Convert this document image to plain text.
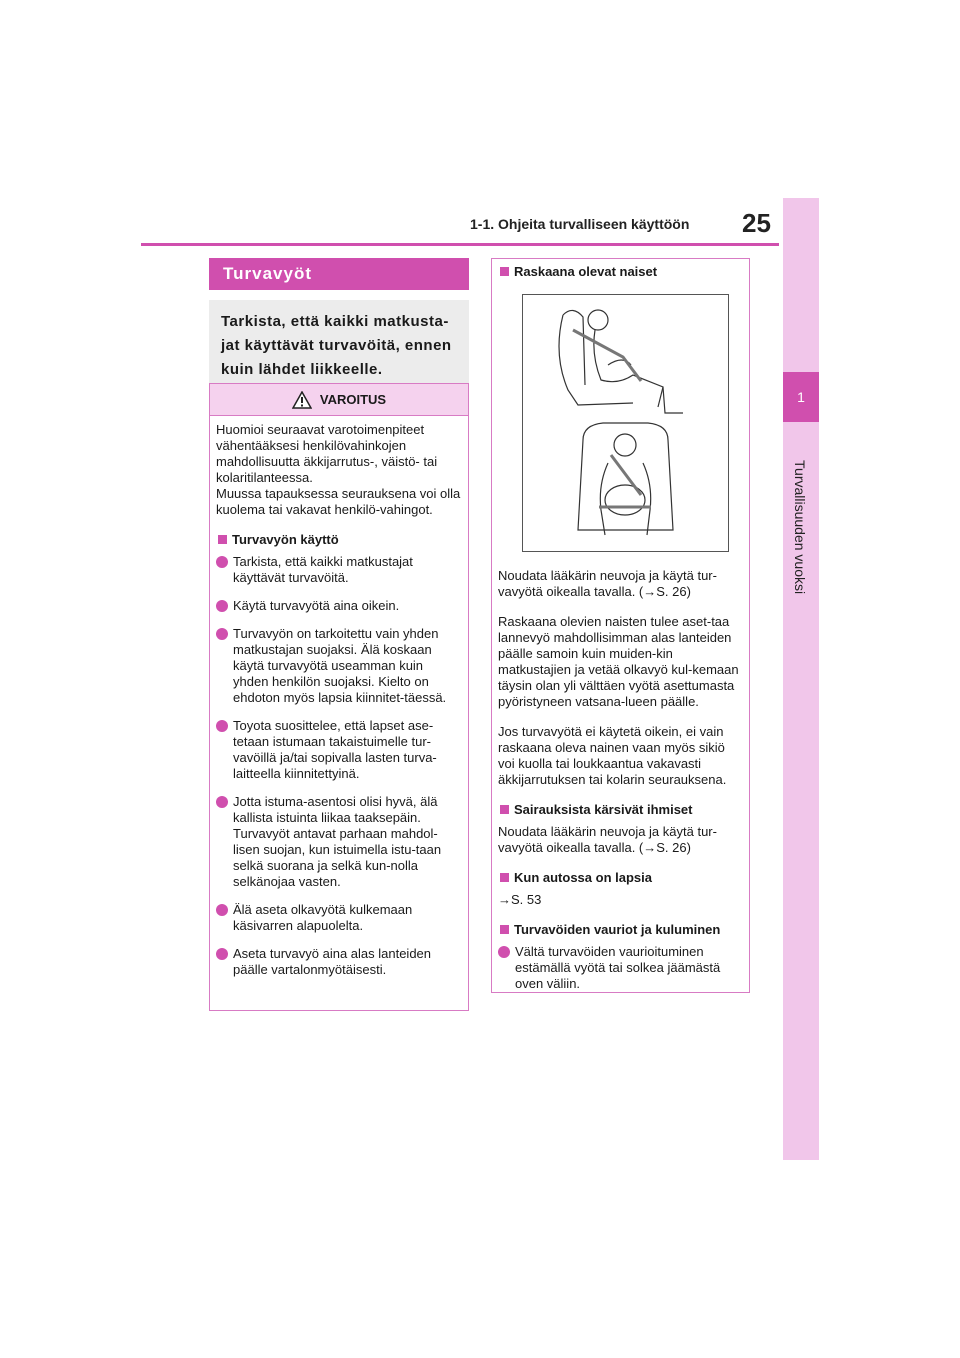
1
Turvallisuuden vuoksi
1-1. Ohjeita turvalliseen käyttöön 25
Turvavyöt
Tarkista, että kaikki matkusta-jat käyttävät turvavöitä, ennen kuin lähdet liikkeelle.
VAROITUS
Huomioi seuraavat varotoimenpiteet vähentääksesi henkilövahinkojen mahdollisuutta äkkijarrutus-, väistö- tai kolaritilanteessa.
Muussa tapauksessa seurauksena voi olla kuolema tai vakavat henkilö-vahingot.
Turvavyön käyttö
Tarkista, että kaikki matkustajat käyttävät turvavöitä.
Käytä turvavyötä aina oikein.
Turvavyön on tarkoitettu vain yhden matkustajan suojaksi. Älä koskaan käytä turvavyötä useamman kuin yhden henkilön suojaksi. Kielto on ehdoton myös lapsia kiinnitet-täessä.
Toyota suosittelee, että lapset ase-tetaan istumaan takaistuimelle tur-vavöillä ja/tai sopivalla lasten turva-laitteella kiinnitettyinä.
Jotta istuma-asentosi olisi hyvä, älä kallista istuinta liikaa taaksepäin. Turvavyöt antavat parhaan mahdol-lisen suojan, kun istuimella istu-taan selkä suorana ja selkä kun-nolla selkänojaa vasten.
Älä aseta olkavyötä kulkemaan käsivarren alapuolelta.
Aseta turvavyö aina alas lanteiden päälle vartalonmyötäisesti.
Raskaana olevat naiset
Noudata lääkärin neuvoja ja käytä tur-vavyötä oikealla tavalla. (→S. 26)
Raskaana olevien naisten tulee aset-taa lannevyö mahdollisimman alas lanteiden päälle samoin kuin muiden-kin matkustajien ja vetää olkavyö kul-kemaan täysin olan yli välttäen vyötä asettumasta pyöristyneen vatsana-lueen päälle.
Jos turvavyötä ei käytetä oikein, ei vain raskaana oleva nainen vaan myös sikiö voi kuolla tai loukkaantua vakavasti äkkijarrutuksen tai kolarin seurauksena.
Sairauksista kärsivät ihmiset
Noudata lääkärin neuvoja ja käytä tur-vavyötä oikealla tavalla. (→S. 26)
Kun autossa on lapsia
→S. 53
Turvavöiden vauriot ja kuluminen
Vältä turvavöiden vaurioituminen estämällä vyötä tai solkea jäämästä oven väliin.
